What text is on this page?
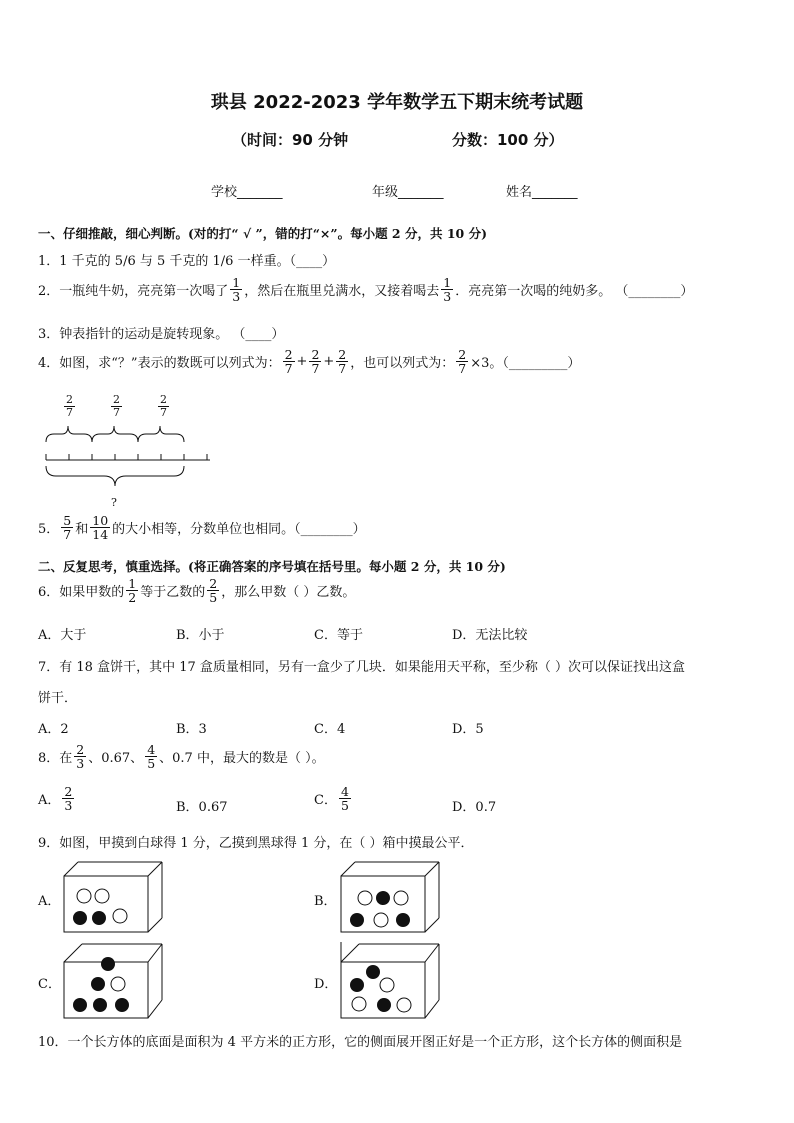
珙县 2022-2023 学年数学五下期末统考试题
（时间：90 分钟	分数：100 分）
学校_______	年级_______	姓名_______
一、仔细推敲，细心判断。(对的打“ √ ”，错的打“×”。每小题 2 分，共 10 分)
1．1 千克的 5/6 与 5 千克的 1/6 一样重。（____）
2．一瓶纯牛奶，亮亮第一次喝了 $\frac{1}{3}$ ，然后在瓶里兑满水，又接着喝去 $\frac{1}{3}$ ．亮亮第一次喝的纯奶多。 （________）
3．钟表指针的运动是旋转现象。 （____）
4．如图，求“？”表示的数既可以列式为： $\frac{2}{7} + \frac{2}{7} + \frac{2}{7}$ ，也可以列式为： $\frac{2}{7} \times 3$。（_________）
$\frac{2}{7}$	$\frac{2}{7}$	$\frac{2}{7}$
?
5． $\frac{5}{7}$ 和 $\frac{10}{14}$ 的大小相等，分数单位也相同。（________）
二、反复思考，慎重选择。(将正确答案的序号填在括号里。每小题 2 分，共 10 分)
6．如果甲数的 $\frac{1}{2}$ 等于乙数的 $\frac{2}{5}$ ，那么甲数（ ）乙数。
A．大于	B．小于	C．等于	D．无法比较
7．有 18 盒饼干，其中 17 盒质量相同，另有一盒少了几块．如果能用天平称，至少称（ ）次可以保证找出这盒
饼干．
A．2	B．3	C．4	D．5
8．在 $\frac{2}{3}$ 、0.67、 $\frac{4}{5}$ 、0.7 中，最大的数是（ ）。
A． $\frac{2}{3}$	B．0.67	C． $\frac{4}{5}$	D．0.7
9．如图，甲摸到白球得 1 分，乙摸到黑球得 1 分，在（ ）箱中摸最公平．
A．	B．
C．	D．
10．一个长方体的底面是面积为 4 平方米的正方形，它的侧面展开图正好是一个正方形，这个长方体的侧面积是
